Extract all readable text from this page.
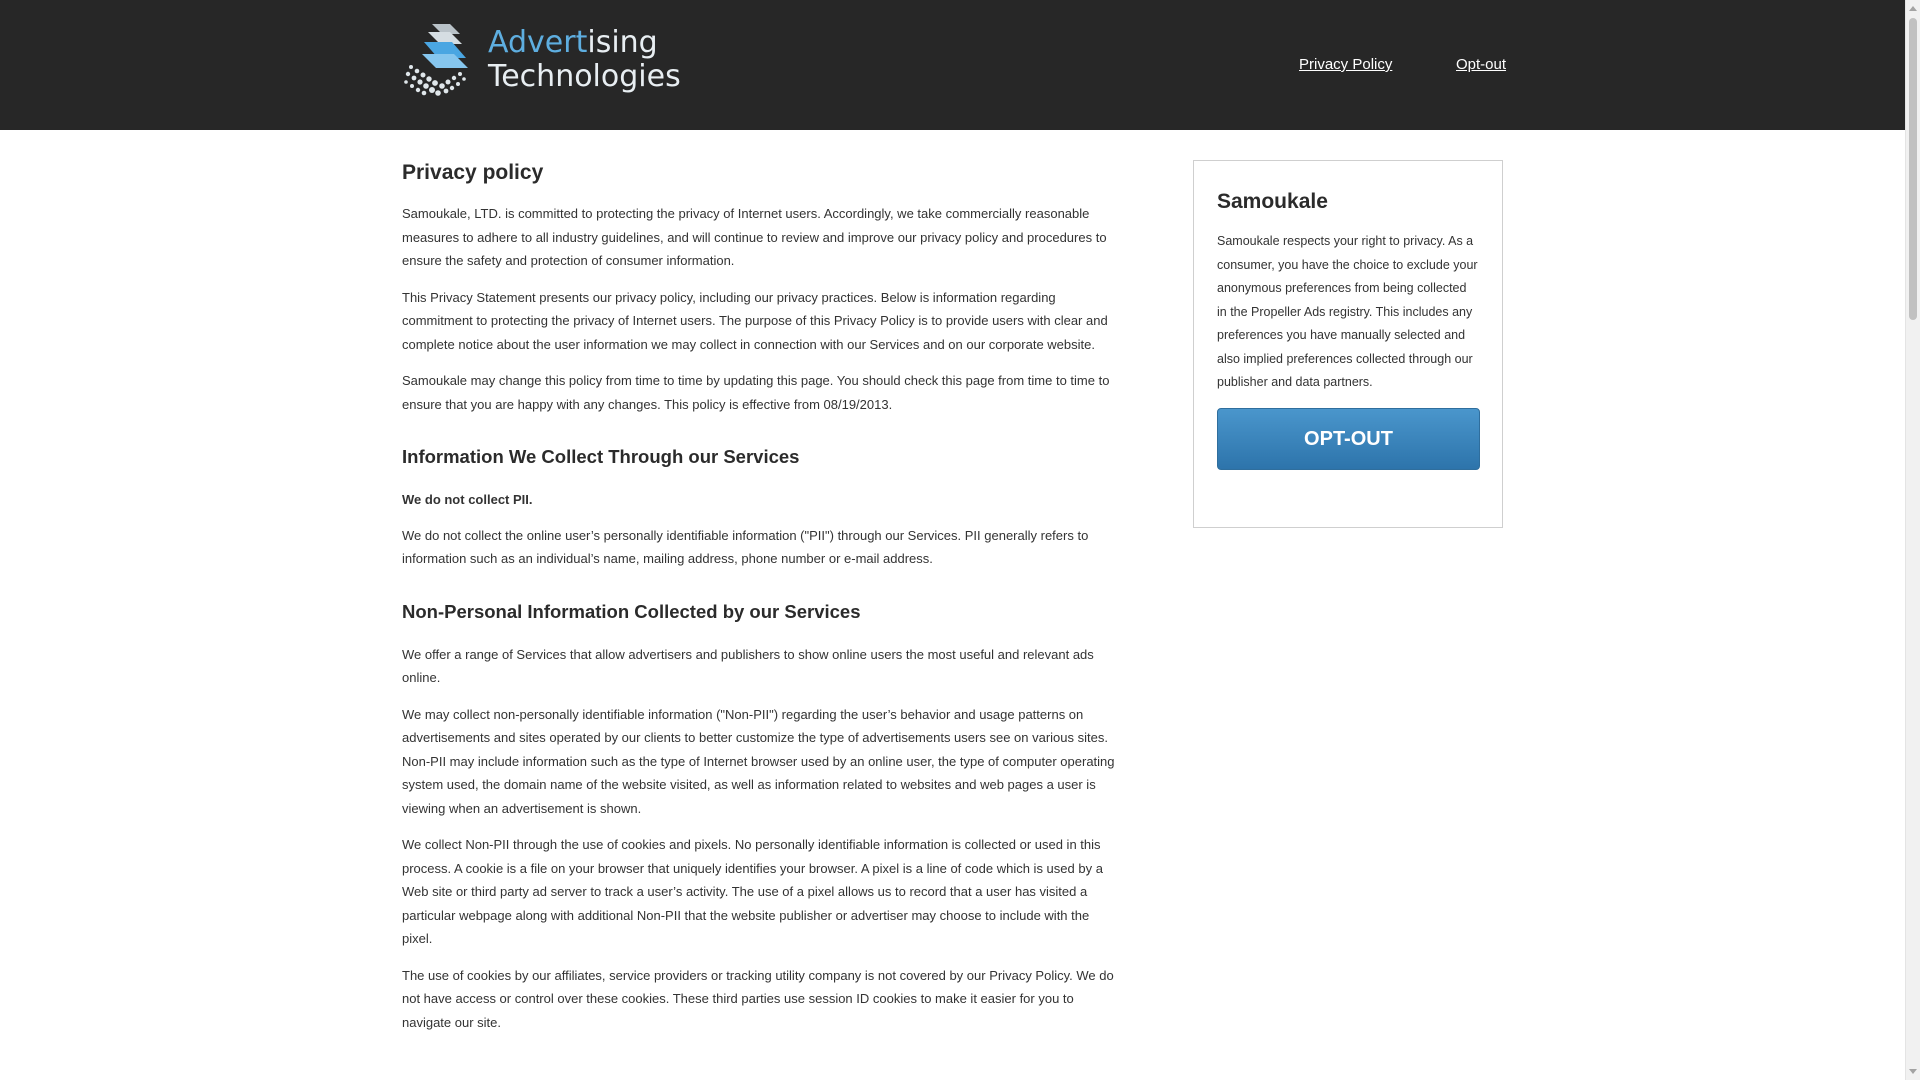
Advertising
Technologies	Privacy Policy	Opt-out
Privacy policy

Samoukale, LTD. is committed to protecting the privacy of Internet users. Accordingly, we take commercially reasonable measures to adhere to all industry guidelines, and will continue to review and improve our privacy policy and procedures to ensure the safety and protection of consumer information.

This Privacy Statement presents our privacy policy, including our privacy practices. Below is information regarding commitment to protecting the privacy of Internet users. The purpose of this Privacy Policy is to provide users with clear and complete notice about the user information we may collect in connection with our Services and on our corporate website.

Samoukale may change this policy from time to time by updating this page. You should check this page from time to time to ensure that you are happy with any changes. This policy is effective from 08/19/2013.

Information We Collect Through our Services

We do not collect PII.

We do not collect the online user’s personally identifiable information ("PII") through our Services. PII generally refers to information such as an individual’s name, mailing address, phone number or e-mail address.

Non-Personal Information Collected by our Services

We offer a range of Services that allow advertisers and publishers to show online users the most useful and relevant ads online.

We may collect non-personally identifiable information ("Non-PII") regarding the user’s behavior and usage patterns on advertisements and sites operated by our clients to better customize the type of advertisements users see on various sites. Non-PII may include information such as the type of Internet browser used by an online user, the type of computer operating system used, the domain name of the website visited, as well as information related to websites and web pages a user is viewing when an advertisement is shown.

We collect Non-PII through the use of cookies and pixels. No personally identifiable information is collected or used in this process. A cookie is a file on your browser that uniquely identifies your browser. A pixel is a line of code which is used by a Web site or third party ad server to track a user’s activity. The use of a pixel allows us to record that a user has visited a particular webpage along with additional Non-PII that the website publisher or advertiser may choose to include with the pixel.

The use of cookies by our affiliates, service providers or tracking utility company is not covered by our Privacy Policy. We do not have access or control over these cookies. These third parties use session ID cookies to make it easier for you to navigate our site.

Samoukale

Samoukale respects your right to privacy. As a consumer, you have the choice to exclude your anonymous preferences from being collected in the Propeller Ads registry. This includes any preferences you have manually selected and also implied preferences collected through our publisher and data partners.

OPT-OUT
